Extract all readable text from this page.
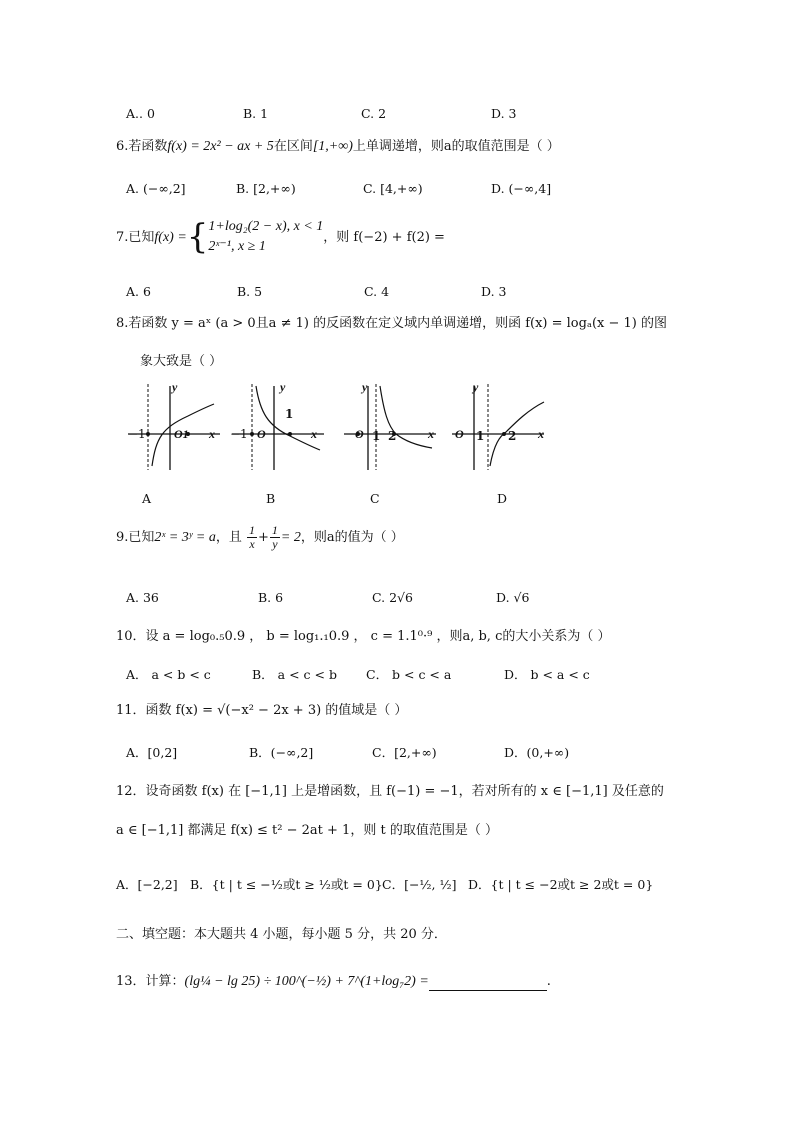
A.. 0	B. 1	C. 2	D. 3
6.若函数f(x) = 2x² − ax + 5在区间[1,+∞)上单调递增，则a的取值范围是（ ）
A. (−∞,2]	B. [2,+∞)	C. [4,+∞)	D. (−∞,4]
7.已知f(x) ={ 1+log₂(2 − x), x < 1
2ˣ⁻¹, x ≥ 1
，则 f(−2) + f(2) =
A. 6	B. 5	C. 4	D. 3
8.若函数 y = aˣ (a > 0且a ≠ 1) 的反函数在定义域内单调递增，则函 f(x) = logₐ(x − 1) 的图
象大致是（ ）
−1 O1 x
y
−1 O
1
x
y
O 1 2	x
y
O 1 2 x
y
A	B	C	D
9.已知2ˣ = 3ʸ = a，且 $\frac{1}{x} + \frac{1}{y} = 2$，则a的值为（ ）
A. 36	B. 6	C. 2√6	D. √6
10．设 a = log₀.₅0.9 ， b = log₁.₁0.9 ， c = 1.1⁰·⁹ ，则a, b, c的大小关系为（ ）
A． a < b < c	B． a < c < b C． b < c < a	D． b < a < c
11．函数 f(x) = √(−x² − 2x + 3) 的值域是（ ）
A．[0,2]	B．(−∞,2]	C．[2,+∞)	D．(0,+∞)
12．设奇函数 f(x) 在 [−1,1] 上是增函数，且 f(−1) = −1，若对所有的 x ∈ [−1,1] 及任意的
a ∈ [−1,1] 都满足 f(x) ≤ t² − 2at + 1，则 t 的取值范围是（ ）
A．[−2,2] B．{t | t ≤ −½或t ≥ ½或t = 0} C．[−½, ½] D．{t | t ≤ −2或t ≥ 2或t = 0}
二、填空题：本大题共 4 小题，每小题 5 分，共 20 分．
13．计算：(lg¼ − lg 25) ÷ 100^(−½) + 7^(1+log₇2) =	.
